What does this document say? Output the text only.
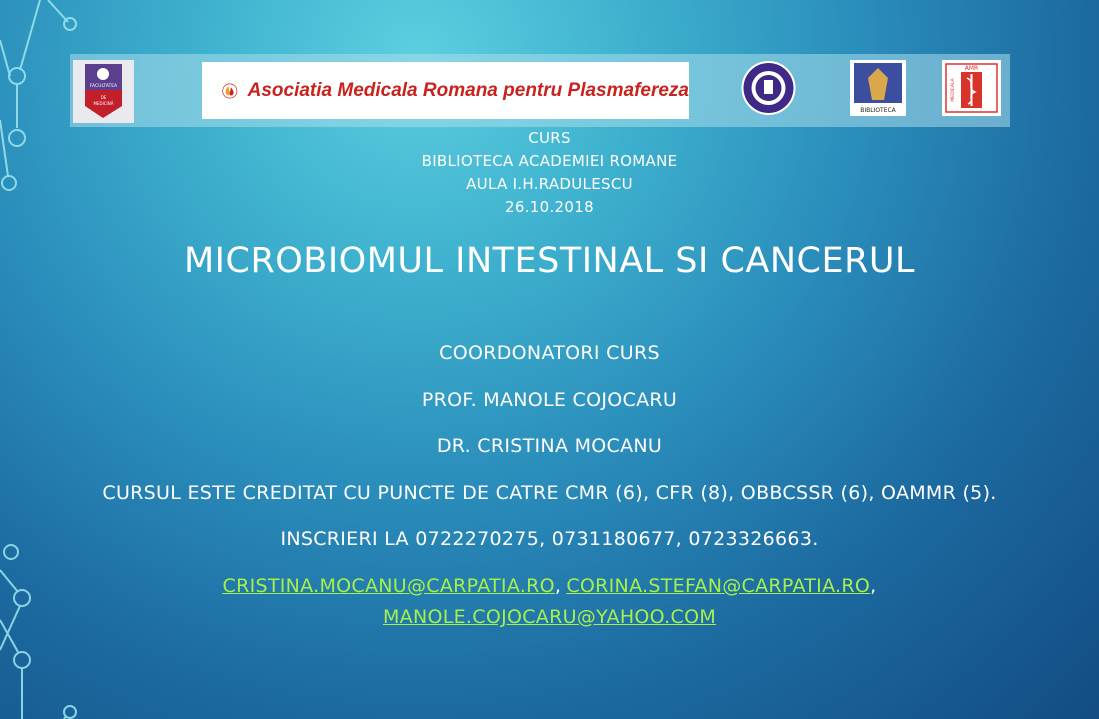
FACULTATEA
DE
MEDICINĂ
Asociatia Medicala Romana pentru Plasmafereza
BIBLIOTECA
AMR
MEDICALA
CURS
BIBLIOTECA ACADEMIEI ROMANE
AULA I.H.RADULESCU
26.10.2018
MICROBIOMUL INTESTINAL SI CANCERUL
COORDONATORI CURS
PROF. MANOLE COJOCARU
DR. CRISTINA MOCANU
CURSUL ESTE CREDITAT CU PUNCTE DE CATRE CMR (6), CFR (8), OBBCSSR (6), OAMMR (5).
INSCRIERI LA 0722270275, 0731180677, 0723326663.
CRISTINA.MOCANU@CARPATIA.RO, CORINA.STEFAN@CARPATIA.RO,
MANOLE.COJOCARU@YAHOO.COM
